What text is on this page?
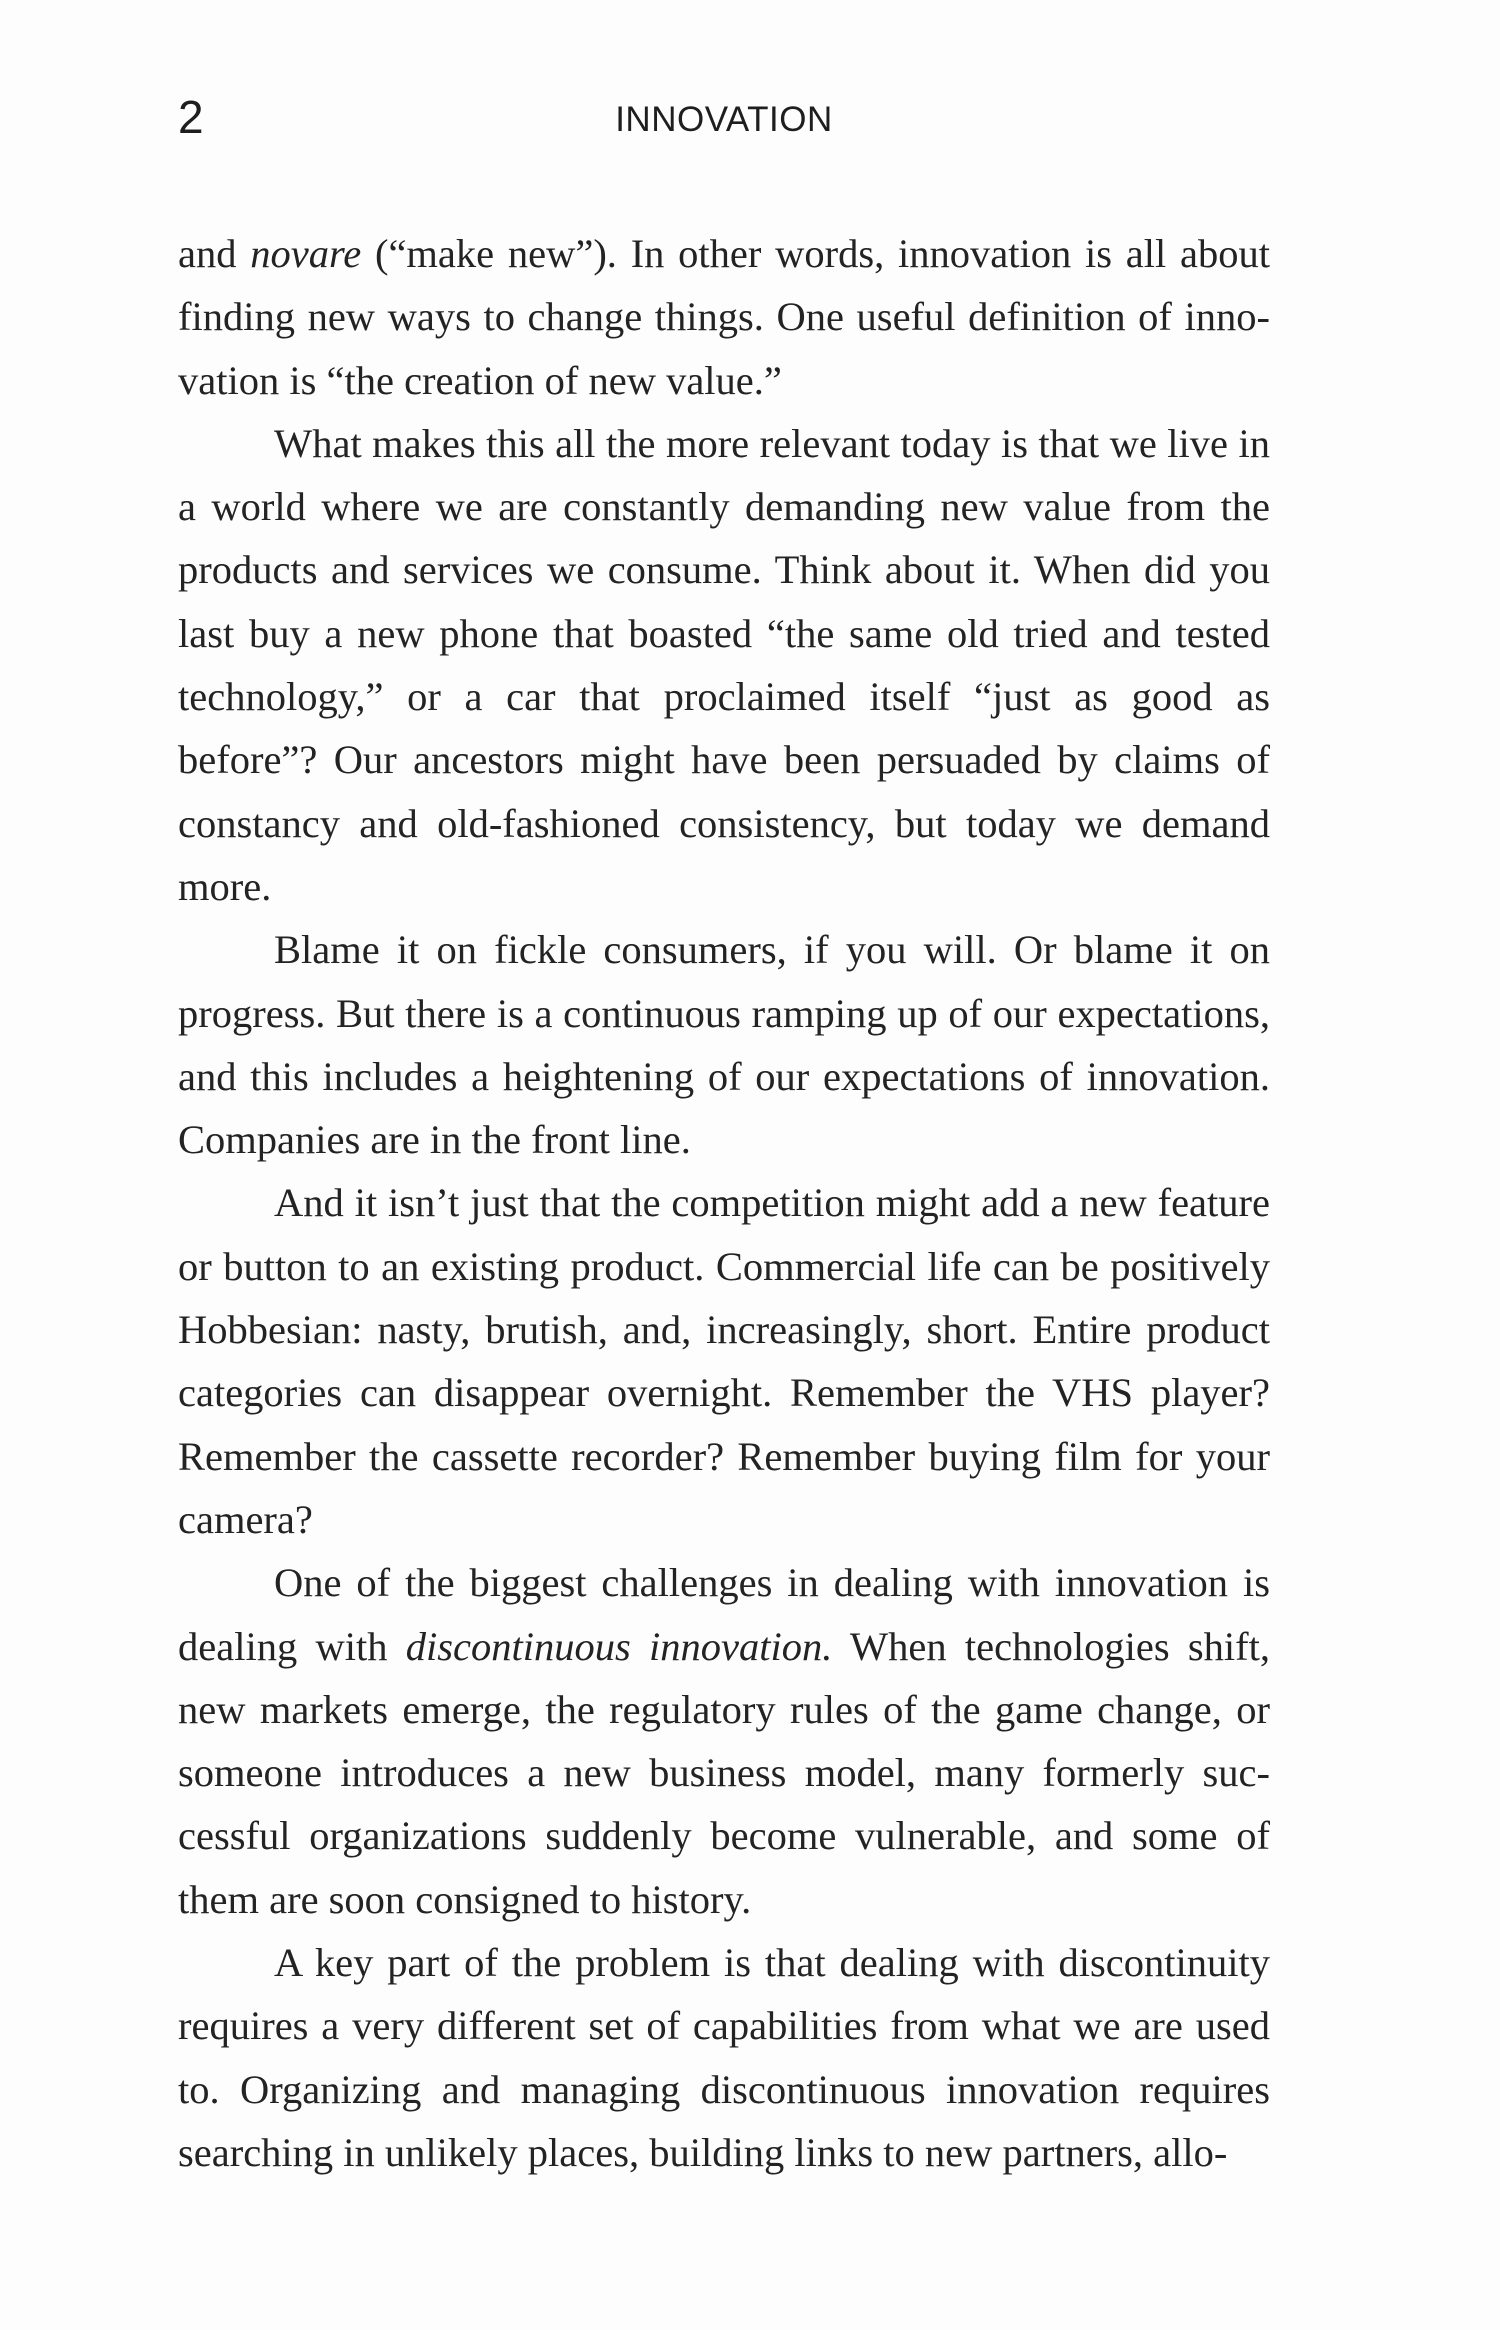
2	INNOVATION

and novare (“make new”). In other words, innovation is all about finding new ways to change things. One useful definition of innovation is “the creation of new value.”

What makes this all the more relevant today is that we live in a world where we are constantly demanding new value from the products and services we consume. Think about it. When did you last buy a new phone that boasted “the same old tried and tested technology,” or a car that proclaimed itself “just as good as before”? Our ancestors might have been persuaded by claims of constancy and old-fashioned consistency, but today we demand more.

Blame it on fickle consumers, if you will. Or blame it on progress. But there is a continuous ramping up of our expectations, and this includes a heightening of our expectations of innovation. Companies are in the front line.

And it isn’t just that the competition might add a new feature or button to an existing product. Commercial life can be positively Hobbesian: nasty, brutish, and, increasingly, short. Entire product categories can disappear overnight. Remember the VHS player? Remember the cassette recorder? Remember buying film for your camera?

One of the biggest challenges in dealing with innovation is dealing with discontinuous innovation. When technologies shift, new markets emerge, the regulatory rules of the game change, or someone introduces a new business model, many formerly successful organizations suddenly become vulnerable, and some of them are soon consigned to history.

A key part of the problem is that dealing with discontinuity requires a very different set of capabilities from what we are used to. Organizing and managing discontinuous innovation requires searching in unlikely places, building links to new partners, allo-
